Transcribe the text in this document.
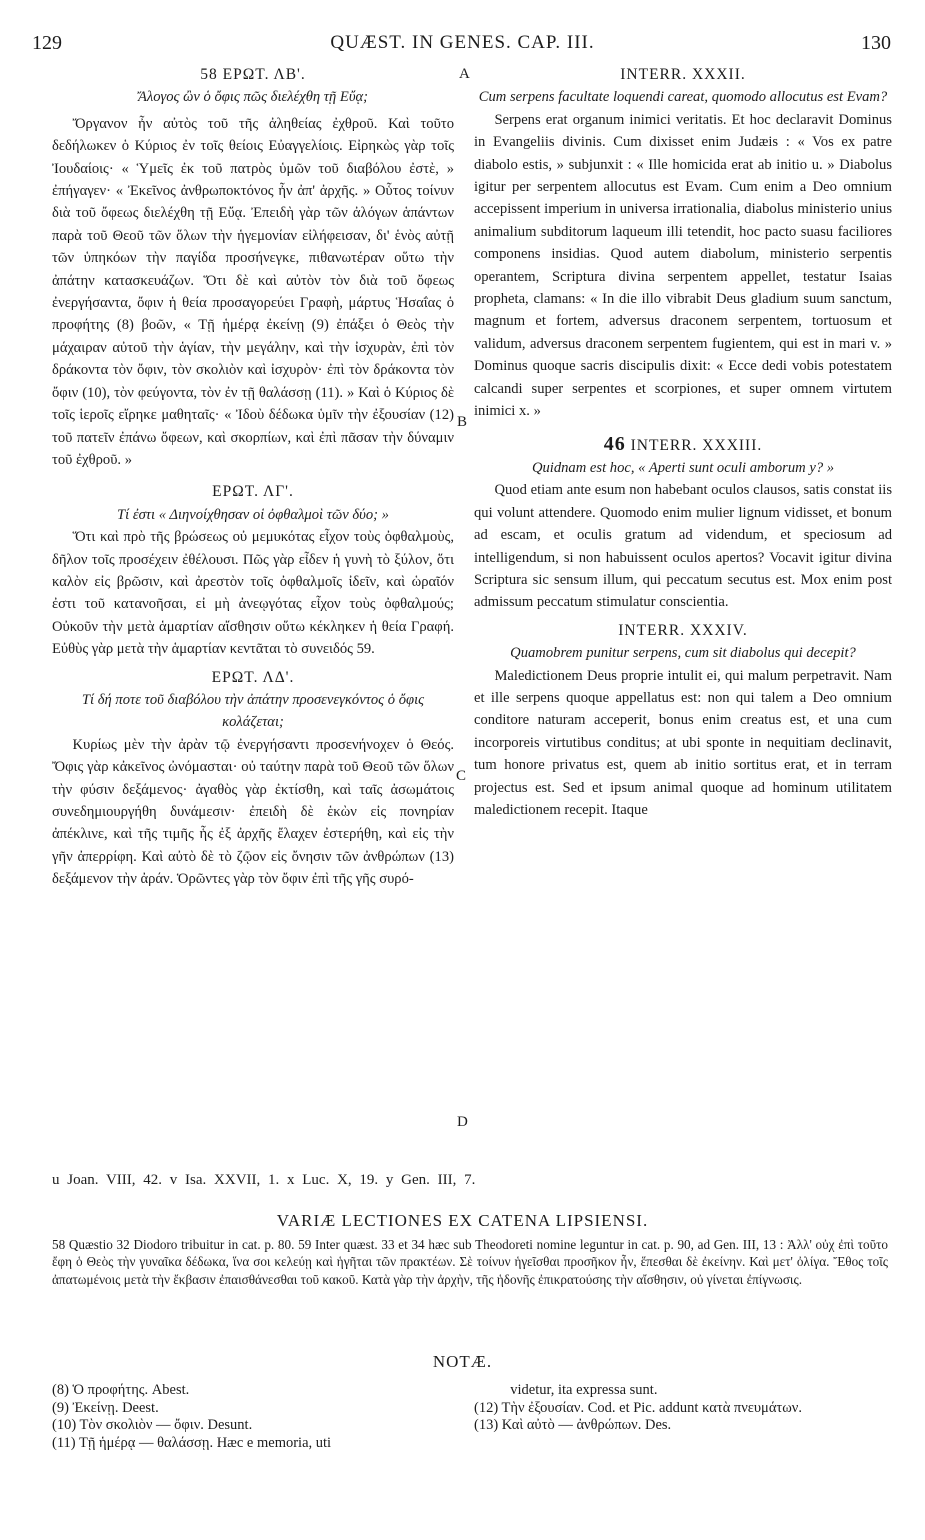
129	QUÆST. IN GENES. CAP. III.	130
A
B
C
D

58 ΕΡΩΤ. ΛΒ'.

Ἄλογος ὢν ὁ ὄφις πῶς διελέχθη τῇ Εὔᾳ;

Ὄργανον ἦν αὐτὸς τοῦ τῆς ἀληθείας ἐχθροῦ. Καὶ τοῦτο δεδήλωκεν ὁ Κύριος ἐν τοῖς θείοις Εὐαγγελίοις. Εἰρηκὼς γὰρ τοῖς Ἰουδαίοις· « Ὑμεῖς ἐκ τοῦ πατρὸς ὑμῶν τοῦ διαβόλου ἐστὲ, » ἐπήγαγεν· « Ἐκεῖνος ἀνθρωποκτόνος ἦν ἀπ' ἀρχῆς. » Οὗτος τοίνυν διὰ τοῦ ὄφεως διελέχθη τῇ Εὔᾳ. Ἐπειδὴ γὰρ τῶν ἀλόγων ἁπάντων παρὰ τοῦ Θεοῦ τῶν ὅλων τὴν ἡγεμονίαν εἰλήφεισαν, δι' ἑνὸς αὐτῇ τῶν ὑπηκόων τὴν παγίδα προσήνεγκε, πιθανωτέραν οὕτω τὴν ἀπάτην κατασκευάζων. Ὅτι δὲ καὶ αὐτὸν τὸν διὰ τοῦ ὄφεως ἐνεργήσαντα, ὄφιν ἡ θεία προσαγορεύει Γραφὴ, μάρτυς Ἡσαΐας ὁ προφήτης (8) βοῶν, « Τῇ ἡμέρᾳ ἐκείνῃ (9) ἐπάξει ὁ Θεὸς τὴν μάχαιραν αὐτοῦ τὴν ἁγίαν, τὴν μεγάλην, καὶ τὴν ἰσχυρὰν, ἐπὶ τὸν δράκοντα τὸν ὄφιν, τὸν σκολιὸν καὶ ἰσχυρὸν· ἐπὶ τὸν δράκοντα τὸν ὄφιν (10), τὸν φεύγοντα, τὸν ἐν τῇ θαλάσσῃ (11). » Καὶ ὁ Κύριος δὲ τοῖς ἱεροῖς εἴρηκε μαθηταῖς· « Ἰδοὺ δέδωκα ὑμῖν τὴν ἐξουσίαν (12) τοῦ πατεῖν ἐπάνω ὄφεων, καὶ σκορπίων, καὶ ἐπὶ πᾶσαν τὴν δύναμιν τοῦ ἐχθροῦ. »

ΕΡΩΤ. ΛΓ'.

Τί ἐστι « Διηνοίχθησαν οἱ ὀφθαλμοὶ τῶν δύο; »

Ὅτι καὶ πρὸ τῆς βρώσεως οὐ μεμυκότας εἶχον τοὺς ὀφθαλμοὺς, δῆλον τοῖς προσέχειν ἐθέλουσι. Πῶς γὰρ εἶδεν ἡ γυνὴ τὸ ξύλον, ὅτι καλὸν εἰς βρῶσιν, καὶ ἀρεστὸν τοῖς ὀφθαλμοῖς ἰδεῖν, καὶ ὡραῖόν ἐστι τοῦ κατανοῆσαι, εἰ μὴ ἀνεῳγότας εἶχον τοὺς ὀφθαλμούς; Οὐκοῦν τὴν μετὰ ἁμαρτίαν αἴσθησιν οὕτω κέκληκεν ἡ θεία Γραφή. Εὐθὺς γὰρ μετὰ τὴν ἁμαρτίαν κεντᾶται τὸ συνειδός 59.

ΕΡΩΤ. ΛΔ'.

Τί δή ποτε τοῦ διαβόλου τὴν ἀπάτην προσενεγκόντος ὁ ὄφις κολάζεται;

Κυρίως μὲν τὴν ἀρὰν τῷ ἐνεργήσαντι προσενήνοχεν ὁ Θεός. Ὄφις γὰρ κἀκεῖνος ὠνόμασται· οὐ ταύτην παρὰ τοῦ Θεοῦ τῶν ὅλων τὴν φύσιν δεξάμενος· ἀγαθὸς γὰρ ἐκτίσθη, καὶ ταῖς ἀσωμάτοις συνεδημιουργήθη δυνάμεσιν· ἐπειδὴ δὲ ἑκὼν εἰς πονηρίαν ἀπέκλινε, καὶ τῆς τιμῆς ἧς ἐξ ἀρχῆς ἔλαχεν ἐστερήθη, καὶ εἰς τὴν γῆν ἀπερρίφη. Καὶ αὐτὸ δὲ τὸ ζῷον εἰς ὄνησιν τῶν ἀνθρώπων (13) δεξάμενον τὴν ἀράν. Ὁρῶντες γὰρ τὸν ὄφιν ἐπὶ τῆς γῆς συρό-

INTERR. XXXII.

Cum serpens facultate loquendi careat, quomodo allocutus est Evam?

Serpens erat organum inimici veritatis. Et hoc declaravit Dominus in Evangeliis divinis. Cum dixisset enim Judæis : « Vos ex patre diabolo estis, » subjunxit : « Ille homicida erat ab initio u. » Diabolus igitur per serpentem allocutus est Evam. Cum enim a Deo omnium accepissent imperium in universa irrationalia, diabolus ministerio unius animalium subditorum laqueum illi tetendit, hoc pacto suasu faciliores componens insidias. Quod autem diabolum, ministerio serpentis operantem, Scriptura divina serpentem appellet, testatur Isaias propheta, clamans: « In die illo vibrabit Deus gladium suum sanctum, magnum et fortem, adversus draconem serpentem, tortuosum et validum, adversus draconem serpentem fugientem, qui est in mari v. » Dominus quoque sacris discipulis dixit: « Ecce dedi vobis potestatem calcandi super serpentes et scorpiones, et super omnem virtutem inimici x. »

46 INTERR. XXXIII.

Quidnam est hoc, « Aperti sunt oculi amborum y? »

Quod etiam ante esum non habebant oculos clausos, satis constat iis qui volunt attendere. Quomodo enim mulier lignum vidisset, et bonum ad escam, et oculis gratum ad videndum, et speciosum ad intelligendum, si non habuissent oculos apertos? Vocavit igitur divina Scriptura sic sensum illum, qui peccatum secutus est. Mox enim post admissum peccatum stimulatur conscientia.

INTERR. XXXIV.

Quamobrem punitur serpens, cum sit diabolus qui decepit?

Maledictionem Deus proprie intulit ei, qui malum perpetravit. Nam et ille serpens quoque appellatus est: non qui talem a Deo omnium conditore naturam acceperit, bonus enim creatus est, et una cum incorporeis virtutibus conditus; at ubi sponte in nequitiam declinavit, tum honore privatus est, quem ab initio sortitus erat, et in terram projectus est. Sed et ipsum animal quoque ad hominum utilitatem maledictionem recepit. Itaque

u Joan. VIII, 42. v Isa. XXVII, 1. x Luc. X, 19. y Gen. III, 7.
VARIÆ LECTIONES EX CATENA LIPSIENSI.
58 Quæstio 32 Diodoro tribuitur in cat. p. 80. 59 Inter quæst. 33 et 34 hæc sub Theodoreti nomine leguntur in cat. p. 90, ad Gen. III, 13 : Ἀλλ' οὐχ ἐπὶ τοῦτο ἔφη ὁ Θεὸς τὴν γυναῖκα δέδωκα, ἵνα σοι κελεύῃ καὶ ἡγῆται τῶν πρακτέων. Σὲ τοίνυν ἡγεῖσθαι προσῆκον ἦν, ἕπεσθαι δὲ ἐκείνην. Καὶ μετ' ὀλίγα. Ἔθος τοῖς ἀπατωμένοις μετὰ τὴν ἔκβασιν ἐπαισθάνεσθαι τοῦ κακοῦ. Κατὰ γὰρ τὴν ἀρχὴν, τῆς ἡδονῆς ἐπικρατούσης τὴν αἴσθησιν, οὐ γίνεται ἐπίγνωσις.
NOTÆ.
(8) Ὁ προφήτης. Abest.
(9) Ἐκείνῃ. Deest.
(10) Τὸν σκολιὸν — ὄφιν. Desunt.
(11) Τῇ ἡμέρᾳ — θαλάσσῃ. Hæc e memoria, uti
videtur, ita expressa sunt.
(12) Τὴν ἐξουσίαν. Cod. et Pic. addunt κατὰ πνευμάτων.
(13) Καὶ αὐτὸ — ἀνθρώπων. Des.
